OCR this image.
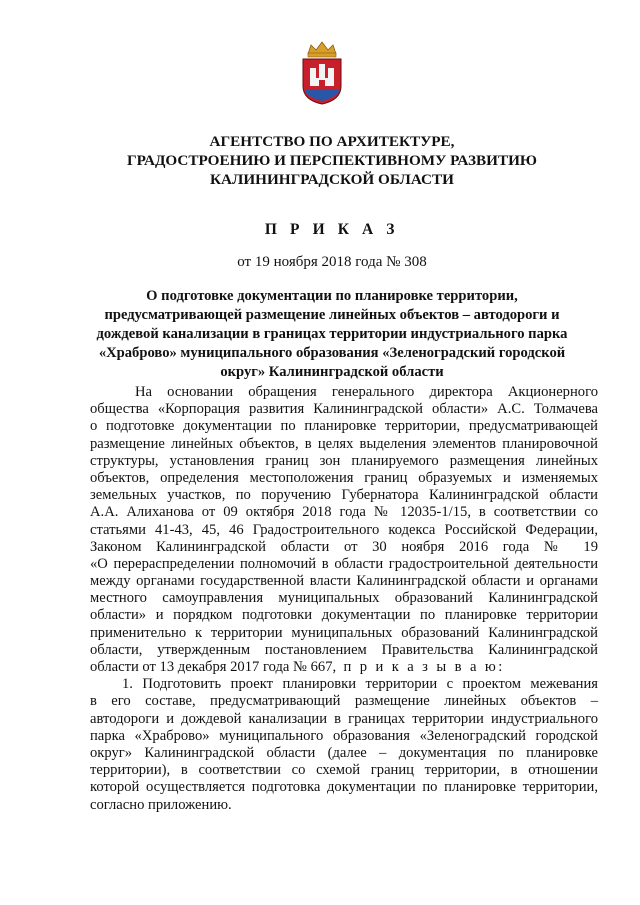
АГЕНТСТВО ПО АРХИТЕКТУРЕ,
ГРАДОСТРОЕНИЮ И ПЕРСПЕКТИВНОМУ РАЗВИТИЮ
КАЛИНИНГРАДСКОЙ ОБЛАСТИ
П Р И К А З
от 19 ноября 2018 года № 308
О подготовке документации по планировке территории,
предусматривающей размещение линейных объектов – автодороги и
дождевой канализации в границах территории индустриального парка
«Храброво» муниципального образования «Зеленоградский городской
округ» Калининградской области
На основании обращения генерального директора Акционерного
общества «Корпорация развития Калининградской области» А.С. Толмачева
о подготовке документации по планировке территории, предусматривающей
размещение линейных объектов, в целях выделения элементов планировочной
структуры, установления границ зон планируемого размещения линейных
объектов, определения местоположения границ образуемых и изменяемых
земельных участков, по поручению Губернатора Калининградской области
А.А. Алиханова от 09 октября 2018 года № 12035-1/15, в соответствии со
статьями 41-43, 45, 46 Градостроительного кодекса Российской Федерации,
Законом Калининградской области от 30 ноября 2016 года № 19
«О перераспределении полномочий в области градостроительной деятельности
между органами государственной власти Калининградской области и органами
местного самоуправления муниципальных образований Калининградской
области» и порядком подготовки документации по планировке территории
применительно к территории муниципальных образований Калининградской
области, утвержденным постановлением Правительства Калининградской
области от 13 декабря 2017 года № 667, п р и к а з ы в а ю:
1. Подготовить проект планировки территории с проектом межевания
в его составе, предусматривающий размещение линейных объектов –
автодороги и дождевой канализации в границах территории индустриального
парка «Храброво» муниципального образования «Зеленоградский городской
округ» Калининградской области (далее – документация по планировке
территории), в соответствии со схемой границ территории, в отношении
которой осуществляется подготовка документации по планировке территории,
согласно приложению.
